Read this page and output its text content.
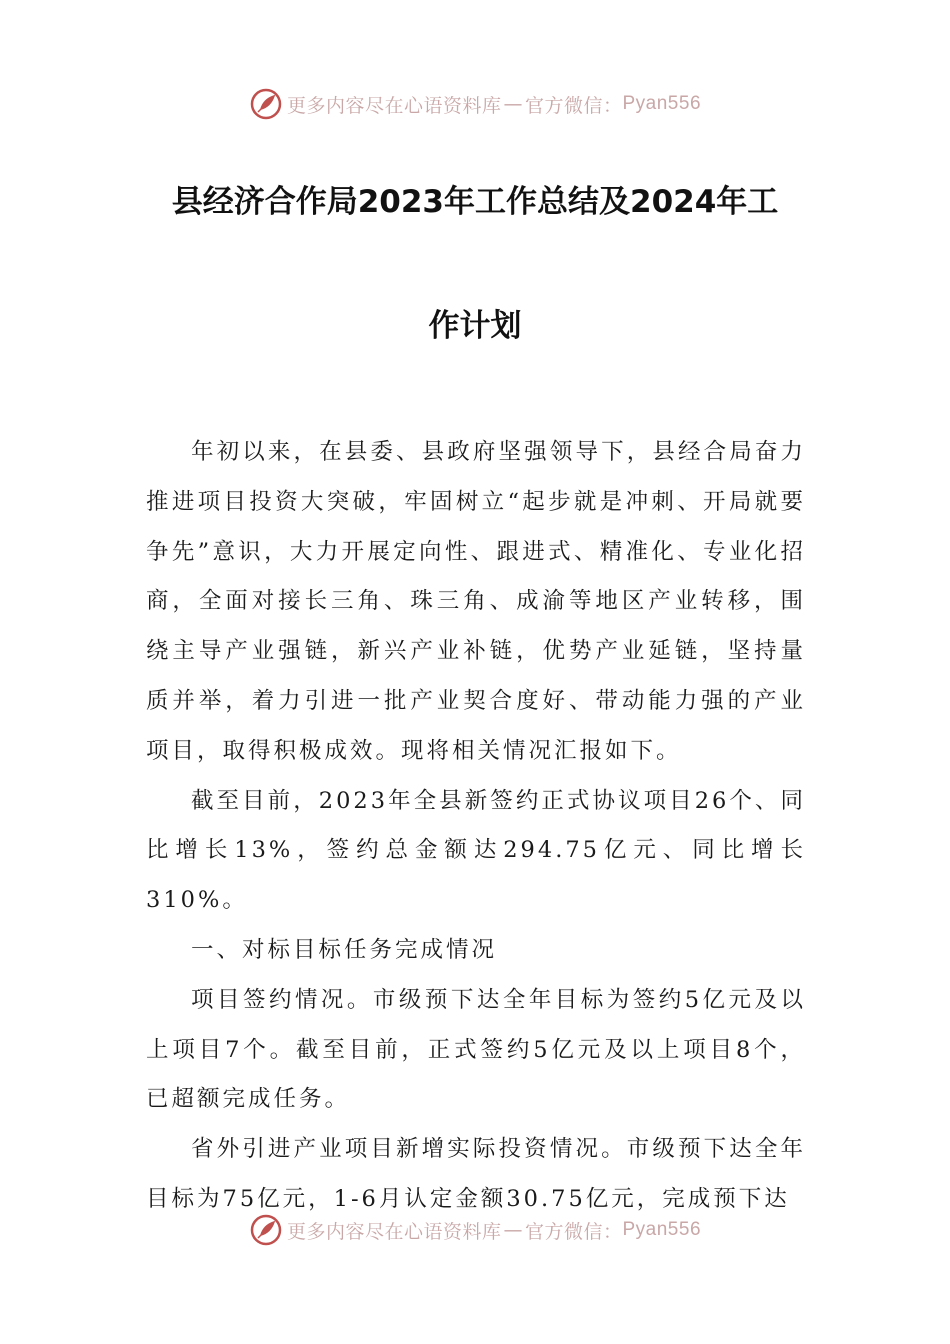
更多内容尽在心语资料库 — 官方微信： Pyan556
县经济合作局2023年工作总结及2024年工
作计划

年初以来，在县委、县政府坚强领导下，县经合局奋力推进项目投资大突破，牢固树立“起步就是冲刺、开局就要争先”意识，大力开展定向性、跟进式、精准化、专业化招商，全面对接长三角、珠三角、成渝等地区产业转移，围绕主导产业强链，新兴产业补链，优势产业延链，坚持量质并举，着力引进一批产业契合度好、带动能力强的产业项目，取得积极成效。现将相关情况汇报如下。

截至目前，2023年全县新签约正式协议项目26个、同比增长13%，签约总金额达294.75亿元、同比增长310%。

一、对标目标任务完成情况

项目签约情况。市级预下达全年目标为签约5亿元及以上项目7个。截至目前，正式签约5亿元及以上项目8个，已超额完成任务。

省外引进产业项目新增实际投资情况。市级预下达全年目标为75亿元，1-6月认定金额30.75亿元，完成预下达

更多内容尽在心语资料库 — 官方微信： Pyan556
